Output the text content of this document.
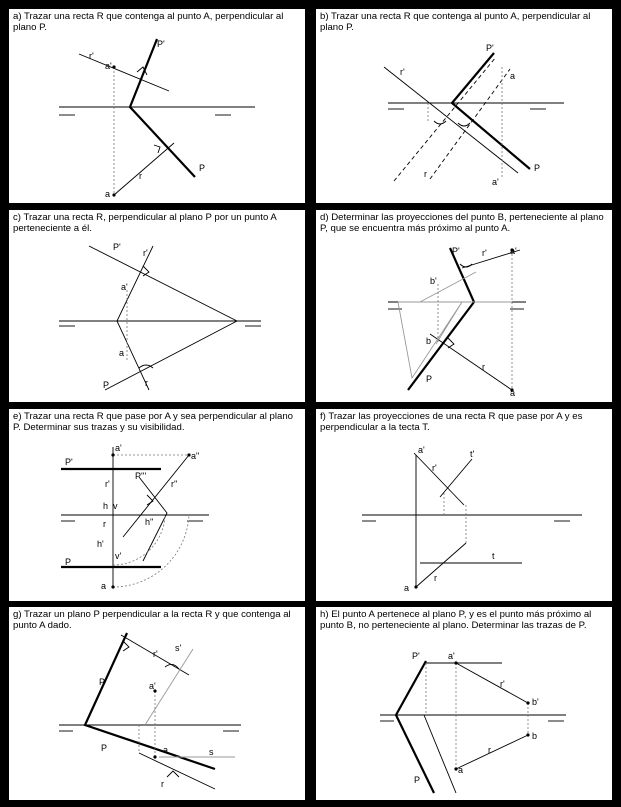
a) Trazar una recta R que contenga al punto A, perpendicular al plano P.
P'
r'
a'
P
r
a
b) Trazar una recta R que contenga al punto A, perpendicular al plano P.
P'
a
r'
r
a'
P
c) Trazar una recta R, perpendicular al plano P por un punto A perteneciente a él.
P'
r'
a'
a
P	r
d) Determinar las proyecciones del punto B, perteneciente al plano P, que se encuentra más próximo al punto A.
P' r'	a'
b'
b
P
r
a
e) Trazar una recta R que pase por A y sea perpendicular al plano P. Determinar sus trazas y su visibilidad.
a'
a"
P'
P'''
r'	r''
h v
h''
r
h'
v'
P
a
f) Trazar las proyecciones de una recta R que pase por A y es perpendicular a la tecta T.
a'	t'
r'
t
r
a
g) Trazar un plano P perpendicular a la recta R y que contenga al punto A dado.
r'
s'
a'
P'
P	a	s
r
h) El punto A pertenece al plano P, y es el punto más próximo al punto B, no perteneciente al plano. Determinar las trazas de P.
P'	a'
r'
b'
b
r
a
P
